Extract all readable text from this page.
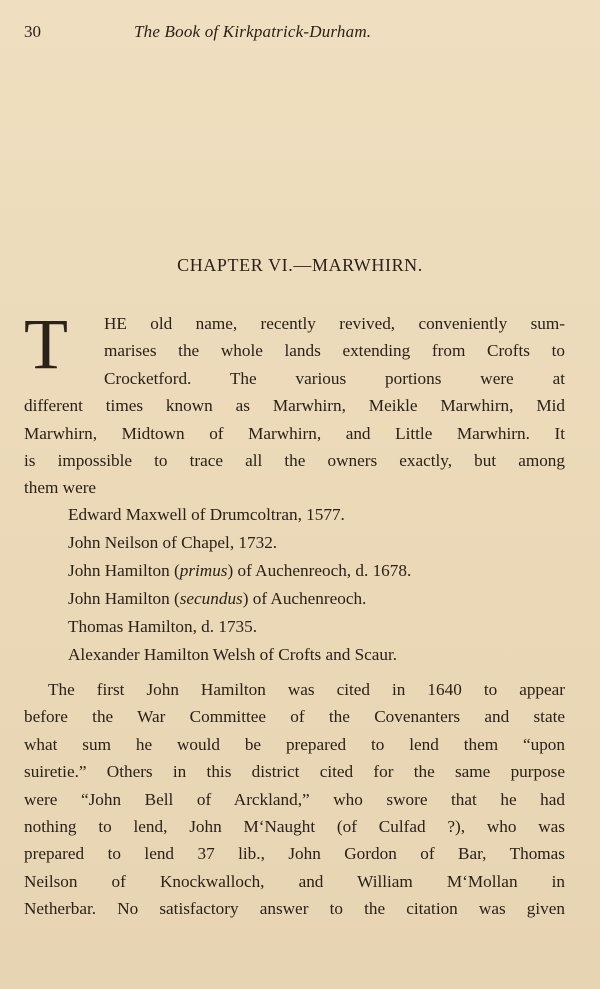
30	The Book of Kirkpatrick-Durham.
CHAPTER VI.—MARWHIRN.
T HE old name, recently revived, conveniently sum-
marises the whole lands extending from Crofts to
Crocketford. The various portions were at
different times known as Marwhirn, Meikle Marwhirn, Mid
Marwhirn, Midtown of Marwhirn, and Little Marwhirn. It
is impossible to trace all the owners exactly, but among
them were
Edward Maxwell of Drumcoltran, 1577.
John Neilson of Chapel, 1732.
John Hamilton (primus) of Auchenreoch, d. 1678.
John Hamilton (secundus) of Auchenreoch.
Thomas Hamilton, d. 1735.
Alexander Hamilton Welsh of Crofts and Scaur.
The first John Hamilton was cited in 1640 to appear
before the War Committee of the Covenanters and state
what sum he would be prepared to lend them “upon
suiretie.” Others in this district cited for the same purpose
were “John Bell of Arckland,” who swore that he had
nothing to lend, John M‘Naught (of Culfad ?), who was
prepared to lend 37 lib., John Gordon of Bar, Thomas
Neilson of Knockwalloch, and William M‘Mollan in
Netherbar. No satisfactory answer to the citation was given
